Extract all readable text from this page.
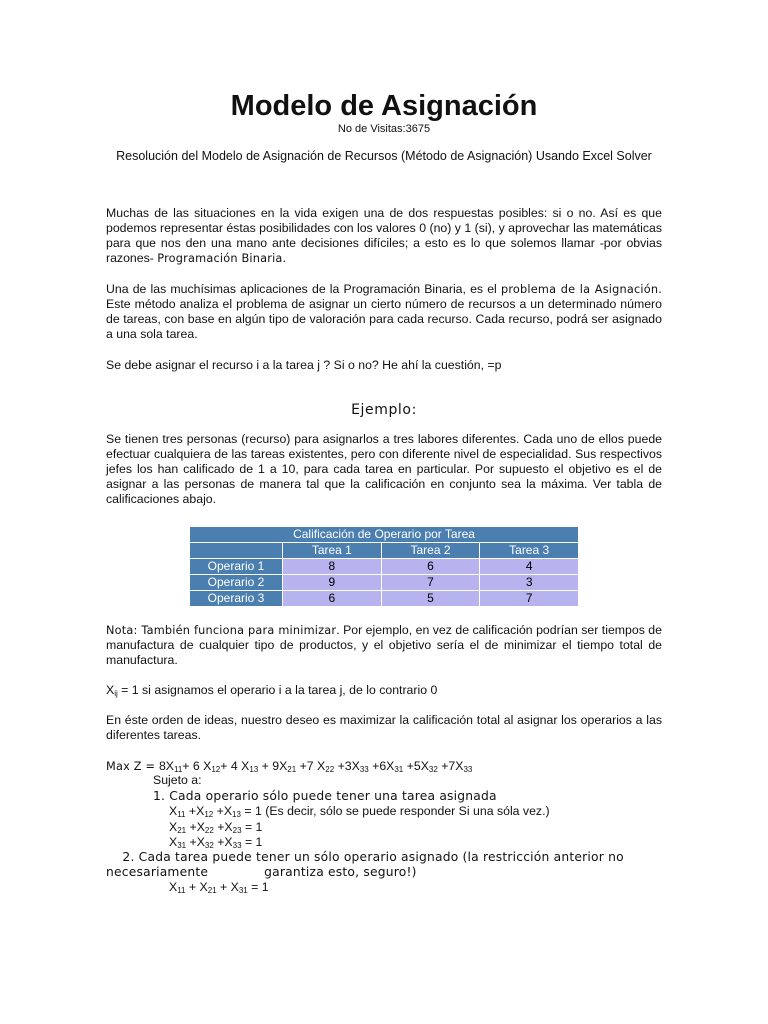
Modelo de Asignación
No de Visitas:3675
Resolución del Modelo de Asignación de Recursos (Método de Asignación) Usando Excel Solver

Muchas de las situaciones en la vida exigen una de dos respuestas posibles: si o no. Así es que podemos representar éstas posibilidades con los valores 0 (no) y 1 (si), y aprovechar las matemáticas para que nos den una mano ante decisiones difíciles; a esto es lo que solemos llamar -por obvias razones- Programación Binaria.

Una de las muchísimas aplicaciones de la Programación Binaria, es el problema de la Asignación. Este método analiza el problema de asignar un cierto número de recursos a un determinado número de tareas, con base en algún tipo de valoración para cada recurso. Cada recurso, podrá ser asignado a una sola tarea.

Se debe asignar el recurso i a la tarea j ? Si o no? He ahí la cuestión, =p

Ejemplo:

Se tienen tres personas (recurso) para asignarlos a tres labores diferentes. Cada uno de ellos puede efectuar cualquiera de las tareas existentes, pero con diferente nivel de especialidad. Sus respectivos jefes los han calificado de 1 a 10, para cada tarea en particular. Por supuesto el objetivo es el de asignar a las personas de manera tal que la calificación en conjunto sea la máxima. Ver tabla de calificaciones abajo.

Calificación de Operario por Tarea			
	Tarea 1	Tarea 2	Tarea 3
Operario 1	8	6	4
Operario 2	9	7	3
Operario 3	6	5	7

Nota: También funciona para minimizar. Por ejemplo, en vez de calificación podrían ser tiempos de manufactura de cualquier tipo de productos, y el objetivo sería el de minimizar el tiempo total de manufactura.

$X_{ij} = 1$ si asignamos el operario i a la tarea j, de lo contrario 0

En éste orden de ideas, nuestro deseo es maximizar la calificación total al asignar los operarios a las diferentes tareas.

Max $Z = 8X_{11}+ 6$ $X_{12}+ 4$ $X_{13} + 9X_{21} +7$ $X_{22} +3X_{33} +6X_{31} +5X_{32} +7X_{33}$
Sujeto a:
1. Cada operario sólo puede tener una tarea asignada
$X_{11} +X_{12} +X_{13} = 1$ (Es decir, sólo se puede responder Si una sóla vez.)
$X_{21} +X_{22} +X_{23} = 1$
$X_{31} +X_{32} +X_{33} = 1$
2. Cada tarea puede tener un sólo operario asignado (la restricción anterior no
necesariamente	garantiza esto, seguro!)
$X_{11} + X_{21} + X_{31} = 1$
